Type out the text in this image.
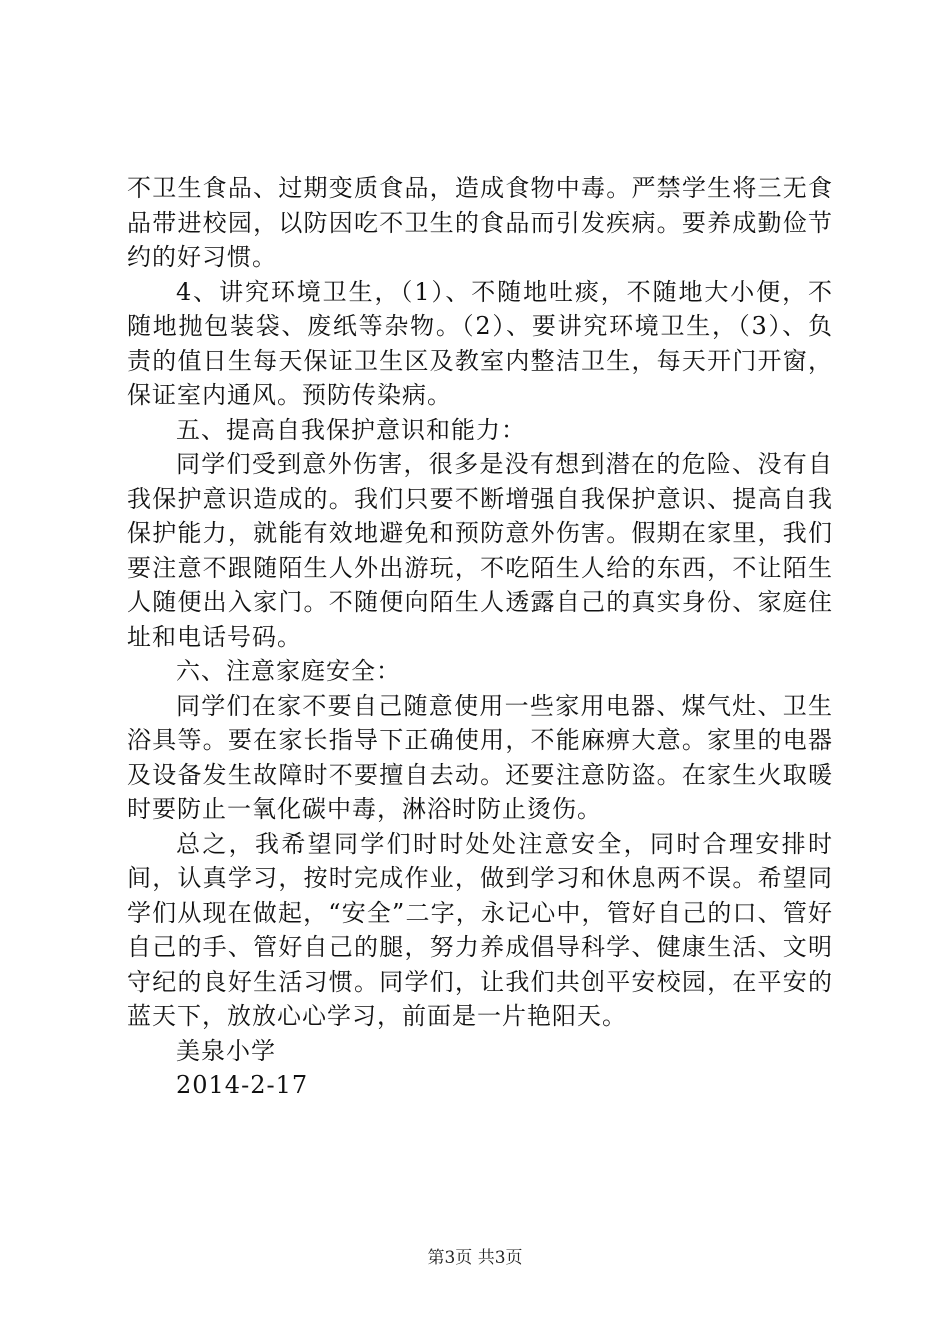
不卫生食品、过期变质食品，造成食物中毒。严禁学生将三无食品带进校园，以防因吃不卫生的食品而引发疾病。要养成勤俭节约的好习惯。

4、讲究环境卫生，（1）、不随地吐痰，不随地大小便，不随地抛包装袋、废纸等杂物。（2）、要讲究环境卫生，（3）、负责的值日生每天保证卫生区及教室内整洁卫生，每天开门开窗，保证室内通风。预防传染病。

五、提高自我保护意识和能力：

同学们受到意外伤害，很多是没有想到潜在的危险、没有自我保护意识造成的。我们只要不断增强自我保护意识、提高自我保护能力，就能有效地避免和预防意外伤害。假期在家里，我们要注意不跟随陌生人外出游玩，不吃陌生人给的东西，不让陌生人随便出入家门。不随便向陌生人透露自己的真实身份、家庭住址和电话号码。

六、注意家庭安全：

同学们在家不要自己随意使用一些家用电器、煤气灶、卫生浴具等。要在家长指导下正确使用，不能麻痹大意。家里的电器及设备发生故障时不要擅自去动。还要注意防盗。在家生火取暖时要防止一氧化碳中毒，淋浴时防止烫伤。

总之，我希望同学们时时处处注意安全，同时合理安排时间，认真学习，按时完成作业，做到学习和休息两不误。希望同学们从现在做起，“安全”二字，永记心中，管好自己的口、管好自己的手、管好自己的腿，努力养成倡导科学、健康生活、文明守纪的良好生活习惯。同学们，让我们共创平安校园，在平安的蓝天下，放放心心学习，前面是一片艳阳天。

美泉小学

2014-2-17

第3页 共3页
